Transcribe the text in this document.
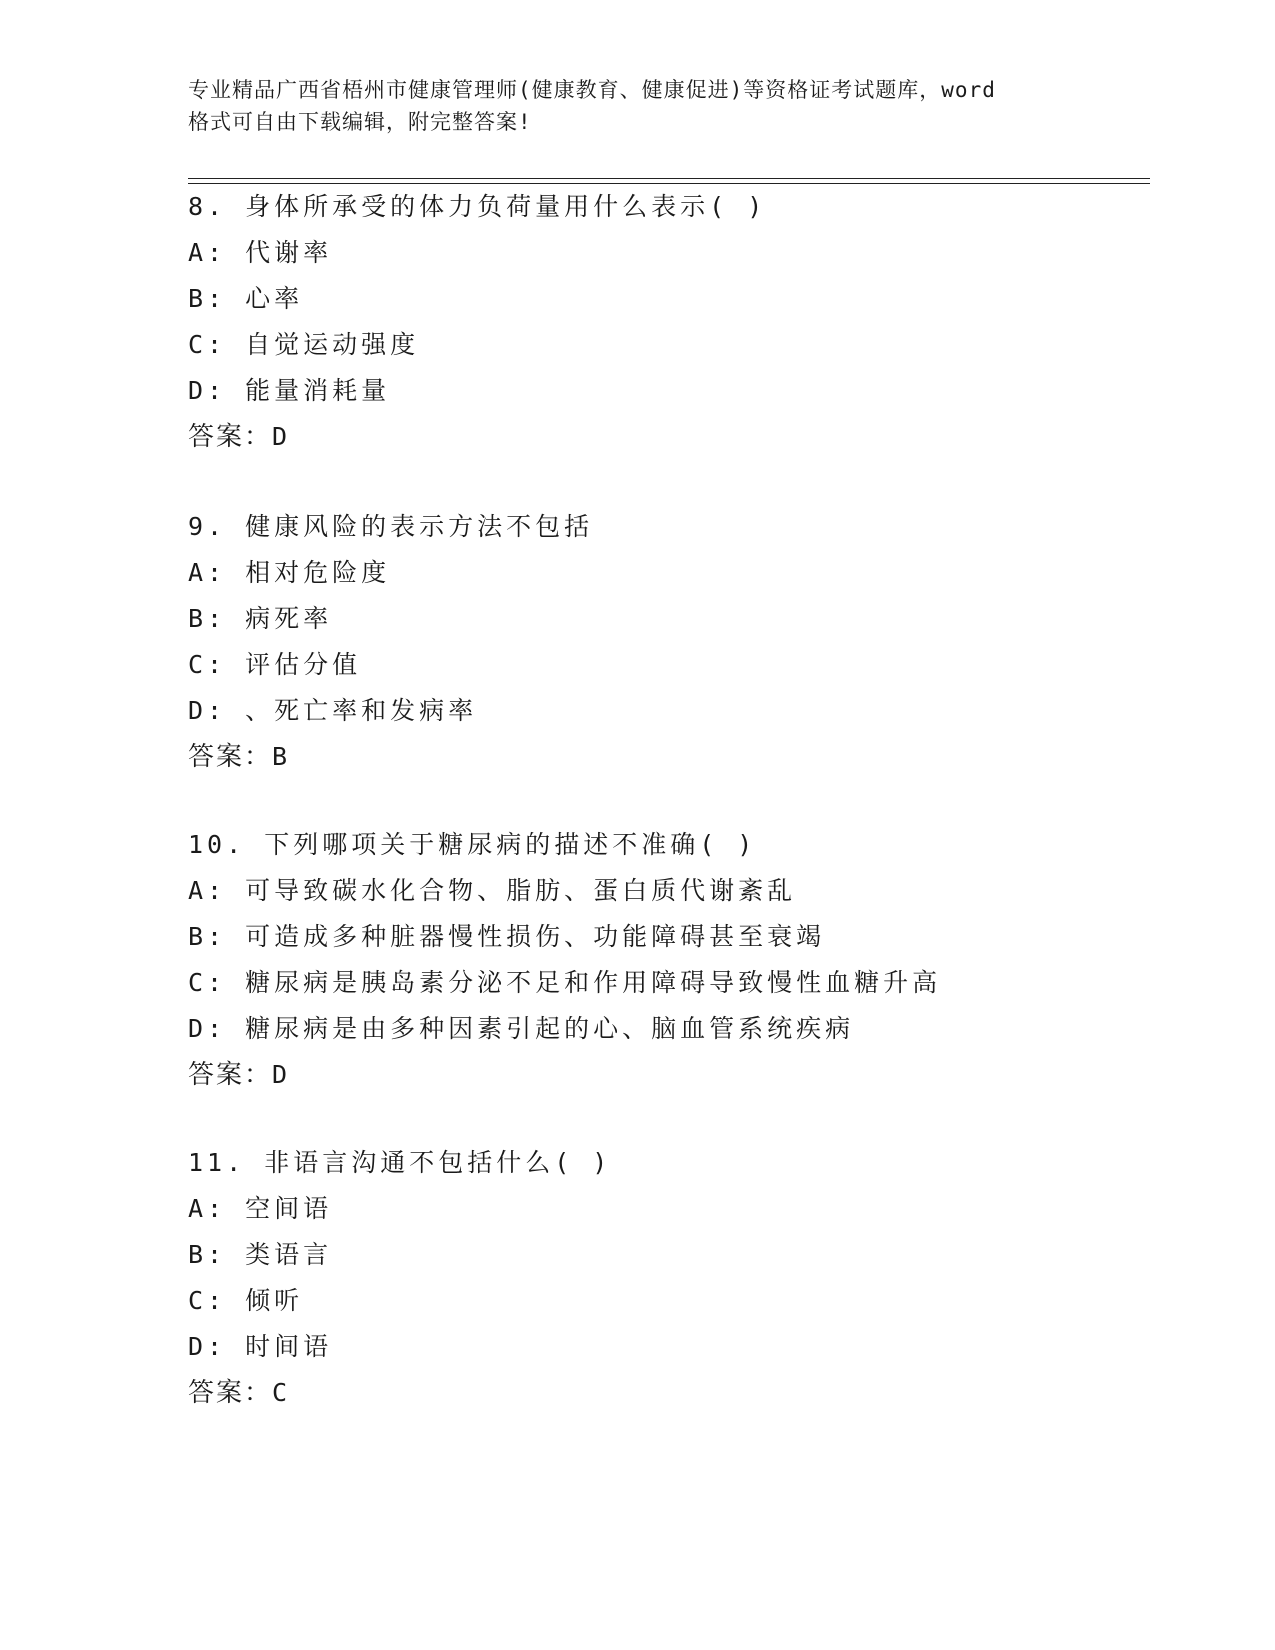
专业精品广西省梧州市健康管理师(健康教育、健康促进)等资格证考试题库，word
格式可自由下载编辑，附完整答案!
8. 身体所承受的体力负荷量用什么表示( )
A: 代谢率
B: 心率
C: 自觉运动强度
D: 能量消耗量
答案：D
9. 健康风险的表示方法不包括
A: 相对危险度
B: 病死率
C: 评估分值
D: 、死亡率和发病率
答案：B
10. 下列哪项关于糖尿病的描述不准确( )
A: 可导致碳水化合物、脂肪、蛋白质代谢紊乱
B: 可造成多种脏器慢性损伤、功能障碍甚至衰竭
C: 糖尿病是胰岛素分泌不足和作用障碍导致慢性血糖升高
D: 糖尿病是由多种因素引起的心、脑血管系统疾病
答案：D
11. 非语言沟通不包括什么( )
A: 空间语
B: 类语言
C: 倾听
D: 时间语
答案：C
